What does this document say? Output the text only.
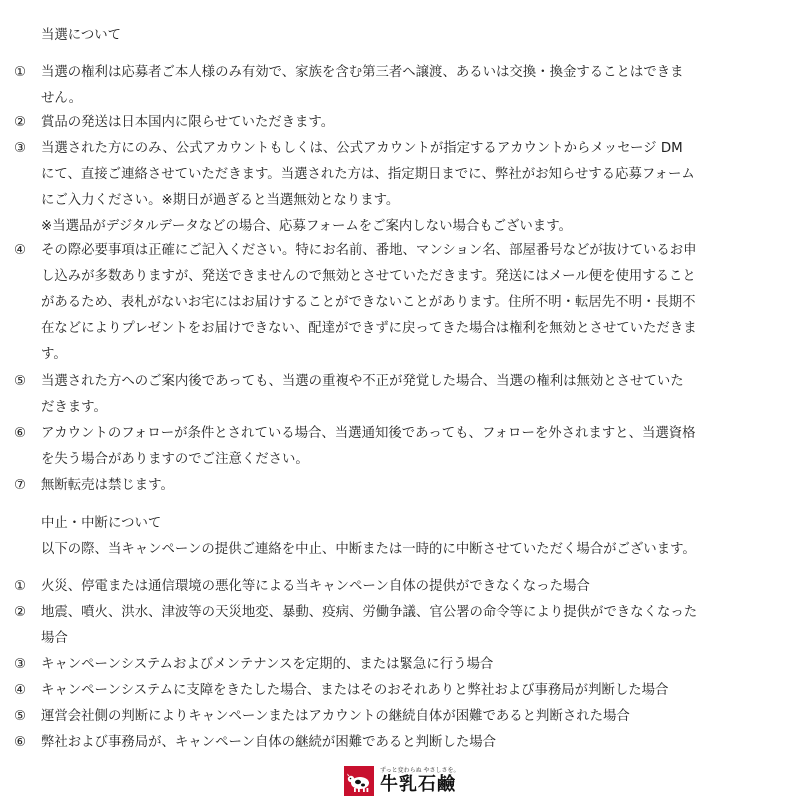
当選について
① 当選の権利は応募者ご本人様のみ有効で、家族を含む第三者へ譲渡、あるいは交換・換金することはできま
せん。
② 賞品の発送は日本国内に限らせていただきます。
③ 当選された方にのみ、公式アカウントもしくは、公式アカウントが指定するアカウントからメッセージ DM
にて、直接ご連絡させていただきます。当選された方は、指定期日までに、弊社がお知らせする応募フォーム
にご入力ください。※期日が過ぎると当選無効となります。
※当選品がデジタルデータなどの場合、応募フォームをご案内しない場合もございます。
④ その際必要事項は正確にご記入ください。特にお名前、番地、マンション名、部屋番号などが抜けているお申
し込みが多数ありますが、発送できませんので無効とさせていただきます。発送にはメール便を使用すること
があるため、表札がないお宅にはお届けすることができないことがあります。住所不明・転居先不明・長期不
在などによりプレゼントをお届けできない、配達ができずに戻ってきた場合は権利を無効とさせていただきま
す。
⑤ 当選された方へのご案内後であっても、当選の重複や不正が発覚した場合、当選の権利は無効とさせていた
だきます。
⑥ アカウントのフォローが条件とされている場合、当選通知後であっても、フォローを外されますと、当選資格
を失う場合がありますのでご注意ください。
⑦ 無断転売は禁じます。
中止・中断について
以下の際、当キャンペーンの提供ご連絡を中止、中断または一時的に中断させていただく場合がございます。
① 火災、停電または通信環境の悪化等による当キャンペーン自体の提供ができなくなった場合
② 地震、噴火、洪水、津波等の天災地変、暴動、疫病、労働争議、官公署の命令等により提供ができなくなった
場合
③ キャンペーンシステムおよびメンテナンスを定期的、または緊急に行う場合
④ キャンペーンシステムに支障をきたした場合、またはそのおそれありと弊社および事務局が判断した場合
⑤ 運営会社側の判断によりキャンペーンまたはアカウントの継続自体が困難であると判断された場合
⑥ 弊社および事務局が、キャンペーン自体の継続が困難であると判断した場合
ずっと変わらぬ やさしさを。
牛乳石鹼
